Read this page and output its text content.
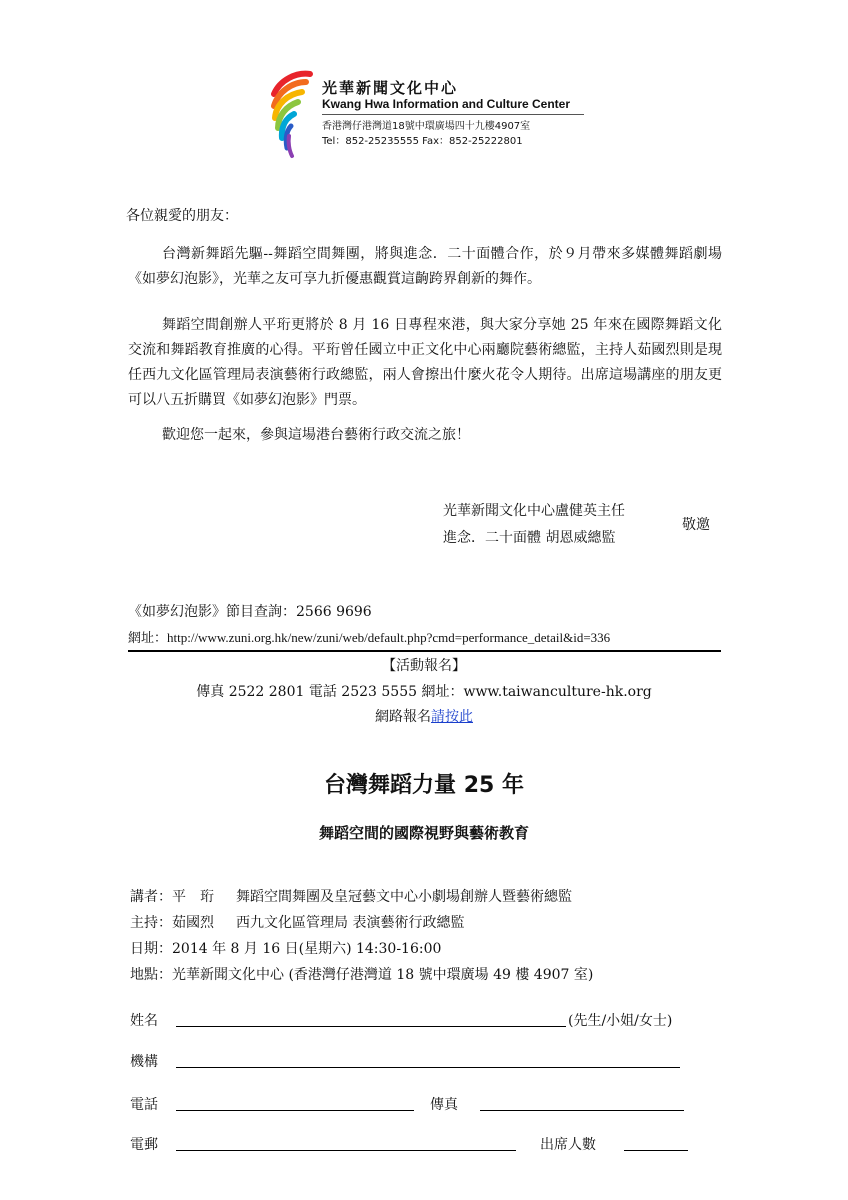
光華新聞文化中心
Kwang Hwa Information and Culture Center
香港灣仔港灣道18號中環廣場四十九樓4907室
Tel：852-25235555 Fax：852-25222801
各位親愛的朋友：
台灣新舞蹈先驅--舞蹈空間舞團，將與進念．二十面體合作，於９月帶來多媒體舞蹈劇場《如夢幻泡影》，光華之友可享九折優惠觀賞這齣跨界創新的舞作。
舞蹈空間創辦人平珩更將於 8 月 16 日專程來港，與大家分享她 25 年來在國際舞蹈文化交流和舞蹈教育推廣的心得。平珩曾任國立中正文化中心兩廳院藝術總監，主持人茹國烈則是現任西九文化區管理局表演藝術行政總監，兩人會擦出什麼火花令人期待。出席這場講座的朋友更可以八五折購買《如夢幻泡影》門票。
歡迎您一起來，參與這場港台藝術行政交流之旅！
光華新聞文化中心盧健英主任
進念．二十面體 胡恩威總監
敬邀
《如夢幻泡影》節目查詢：2566 9696
網址：http://www.zuni.org.hk/new/zuni/web/default.php?cmd=performance_detail&id=336
【活動報名】
傳真 2522 2801 電話 2523 5555 網址：www.taiwanculture-hk.org
網路報名請按此
台灣舞蹈力量 25 年
舞蹈空間的國際視野與藝術教育
講者：平　珩 舞蹈空間舞團及皇冠藝文中心小劇場創辦人暨藝術總監
主持：茹國烈 西九文化區管理局 表演藝術行政總監
日期：2014 年 8 月 16 日(星期六) 14:30-16:00
地點：光華新聞文化中心 (香港灣仔港灣道 18 號中環廣場 49 樓 4907 室)
姓名	(先生/小姐/女士)
機構
電話	傳真
電郵	出席人數
